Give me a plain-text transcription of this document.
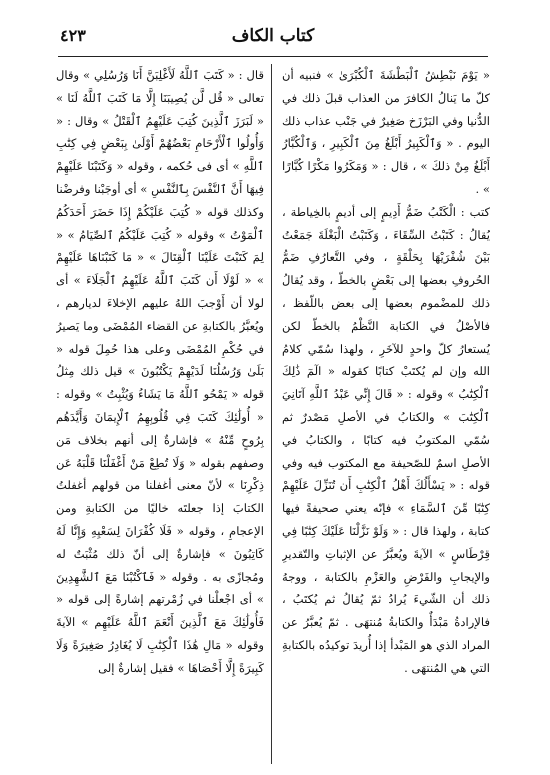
٤٢٣	كتاب الكاف

« يَوْمَ نَبْطِشُ ٱلْبَطْشَةَ ٱلْكُبْرَىٰ » فنبيه أن كلّ ما يَنالُ الكافرَ من العذاب قبلَ ذلك في الدُّنيا وفي البَرْزَخ صَغِيرٌ في جَنْب عذاب ذلك اليوم . « وَٱلْكَبِيرُ أَبْلَغُ مِنَ ٱلْكَبِيرِ ، وَٱلْكُبَّارُ أَبْلَغُ مِنْ ذلكَ » ، قال : « وَمَكَرُوا مَكْرًا كُبَّارًا » .

كتب : الْكَتْبُ ضَمُّ أَدِيمٍ إلى أديمٍ بالخِياطة ، يُقالُ : كَتَبْتُ السِّقَاءَ ، وَكَتَبْتُ الْبَغْلَةَ جَمَعْتُ بَيْنَ شُفْرَيْهَا بِحَلْقَةٍ ، وفي التَّعارُفِ ضَمُّ الحُروفِ بعضها إلى بَعْضٍ بالخطّ ، وقد يُقالُ ذلك للمضْموم بعضها إلى بعض باللّفظ ، فالأصْلُ في الكتابة النَّظْمُ بالخطّ لكن يُستعارُ كلّ واحدٍ للآخَرِ ، ولهذا سُمّي كلامُ الله وإن لم يُكتَبْ كتابًا كقوله « الٓمٓ ذَٰلِكَ ٱلْكِتَٰبُ » وقوله : « قَالَ إِنِّي عَبْدُ ٱللَّهِ آتَانِيَ ٱلْكِتَٰبَ » والكتابُ في الأصلِ مَصْدرٌ ثم سُمّي المكتوبُ فيه كتابًا ، والكتابُ في الأصلِ اسمٌ للصّحيفة مع المكتوب فيه وفي قوله : « يَسْأَلُكَ أَهْلُ ٱلْكِتَٰبِ أَن تُنَزِّلَ عَلَيْهِمْ كِتَٰبًا مِّنَ ٱلسَّمَاءِ » فإنّه يعني صحيفةً فيها كتابة ، ولهذا قال : « وَلَوْ نَزَّلْنَا عَلَيْكَ كِتَٰبًا فِي قِرْطَاسٍ » الآيةَ ويُعبَّرُ عن الإثباتِ والتّقديرِ والإيجابِ والفَرْضِ والعَزْمِ بالكتابة ، ووجهُ ذلك أن الشّيءَ يُرادُ ثمّ يُقالُ ثم يُكتَبُ ، فالإرادةُ مَبْدَأٌ والكتابةُ مُنتهَى . ثمّ يُعبَّرُ عن المراد الذي هو المَبْدأ إذا أُريدَ توكيدُه بالكتابةِ التي هي المُنتهَى .

قال : « كَتَبَ ٱللَّهُ لَأَغْلِبَنَّ أَنَا وَرُسُلِي » وقال تعالى « قُل لَّن يُصِيبَنَا إِلَّا مَا كَتَبَ ٱللَّهُ لَنَا » « لَبَرَزَ ٱلَّذِينَ كُتِبَ عَلَيْهِمُ ٱلْقَتْلُ » وقال : « وَأُولُوا ٱلْأَرْحَامِ بَعْضُهُمْ أَوْلَىٰ بِبَعْضٍ فِي كِتَٰبِ ٱللَّهِ » أى فى حُكمه ، وقوله « وَكَتَبْنَا عَلَيْهِمْ فِيهَا أَنَّ ٱلنَّفْسَ بِٱلنَّفْسِ » أى أوجَبْنا وفرضْنا وكذلك قوله « كُتِبَ عَلَيْكُمْ إِذَا حَضَرَ أَحَدَكُمُ ٱلْمَوْتُ » وقوله « كُتِبَ عَلَيْكُمُ ٱلصِّيَامُ » « لِمَ كَتَبْتَ عَلَيْنَا ٱلْقِتَالَ » « مَا كَتَبْنَاهَا عَلَيْهِمْ » « لَوْلَا أَن كَتَبَ ٱللَّهُ عَلَيْهِمُ ٱلْجَلَاءَ » أى لولا أن أَوْجبَ اللهُ عليهم الإخلاءَ لديارهم ، ويُعبَّرُ بالكتابةِ عن القضاء المُمْضَى وما يَصيرُ في حُكْمِ المُمْضَى وعلى هذا حُمِلَ قوله « بَلَىٰ وَرُسُلُنَا لَدَيْهِمْ يَكْتُبُونَ » قيل ذلك مِثلُ قوله « يَمْحُو ٱللَّهُ مَا يَشَاءُ وَيُثْبِتُ » وقوله : « أُولَٰئِكَ كَتَبَ فِي قُلُوبِهِمُ ٱلْإِيمَانَ وَأَيَّدَهُم بِرُوحٍ مِّنْهُ » فإشارةٌ إلى أنهم بخلاف مَن وصفهم بقوله « وَلَا تُطِعْ مَنْ أَغْفَلْنَا قَلْبَهُ عَن ذِكْرِنَا » لأنّ معنى أغفلنا من قولهم أغفلتُ الكتابَ إذا جعلتَه خاليًا من الكتابةِ ومن الإعجامِ ، وقوله « فَلَا كُفْرَانَ لِسَعْيِهِ وَإِنَّا لَهُ كَاتِبُونَ » فإشارةٌ إلى أنّ ذلك مُثْبَتٌ له ومُجازًى به . وقوله « فَٱكْتُبْنَا مَعَ ٱلشَّٰهِدِينَ » أى اجْعلْنا في زُمْرتهم إشارةً إلى قوله « فَأُولَٰئِكَ مَعَ ٱلَّذِينَ أَنْعَمَ ٱللَّهُ عَلَيْهِم » الآيةَ وقوله « مَالِ هَٰذَا ٱلْكِتَٰبِ لَا يُغَادِرُ صَغِيرَةً وَلَا كَبِيرَةً إِلَّا أَحْصَاهَا » فقيل إشارةٌ إلى
